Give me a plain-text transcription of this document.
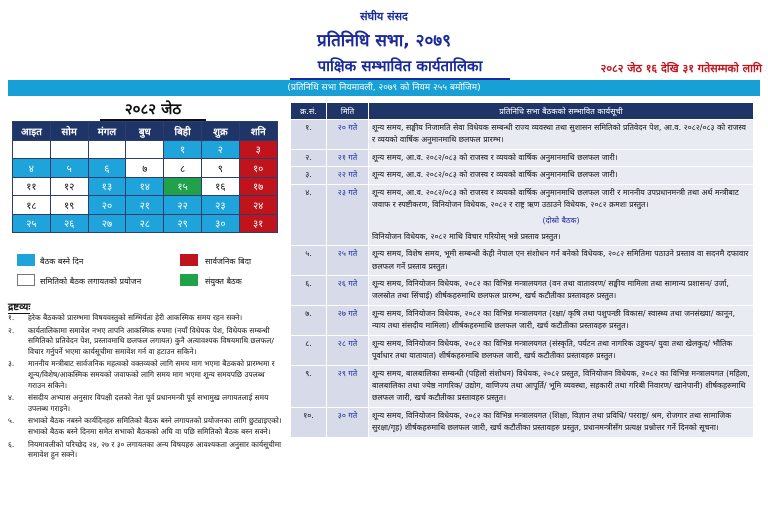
संघीय संसद
प्रतिनिधि सभा, २०७९
पाक्षिक सम्भावित कार्यतालिका	२०८२ जेठ १६ देखि ३१ गतेसम्मको लागि
(प्रतिनिधि सभा नियमावली, २०७९ को नियम २५५ बमोजिम)
२०८२ जेठ
आइत	सोम	मंगल	बुध	बिही	शुक्र	शनि
				१	२	३
४	५	६	७	८	९	१०
११	१२	१३	१४	१५	१६	१७
१८	१९	२०	२१	२२	२३	२४
२५	२६	२७	२८	२९	३०	३१
बैठक बस्ने दिन	सार्वजनिक बिदा
समितिको बैठक लगायतको प्रयोजन	संयुक्त बैठक
द्रष्टव्यः
१. हरेक बैठकको प्रारम्भमा विषयवस्तुको सम्भिर्यता हेरी आकस्मिक समय रहन सक्ने।
२. कार्यतालिकामा समावेश नभए तापनि आकस्मिक रुपमा (नयाँ विधेयक पेश, विधेयक सम्बन्धी समितिको प्रतिवेदन पेश, प्रस्तावमाथि छलफल लगायत) कुनै अत्यावश्यक विषयमाथि छलफल/विचार गर्नुपर्ने भएमा कार्यसूचीमा समावेश गर्न वा हटाउन सकिने।
३. माननीय मन्त्रीबाट सार्वजनिक महत्वको वक्तव्यको लागि समय माग भएमा बैठकको प्रारम्भमा र शून्य/विशेष/आकस्मिक समयको जवाफको लागि समय माग भएमा शून्य समयपछि उपलब्ध गराउन सकिने।
४. संसदीय अभ्यास अनुसार विपक्षी दलको नेता पूर्व प्रधानमन्त्री पूर्व सभामुख लगायतलाई समय उपलब्ध गराइने।
५. सभाको बैठक नबस्ने कार्यदिनहरु समितिको बैठक बस्ने लगायतको प्रयोजनका लागि छुट्याइएको। सभाको बैठक बस्ने दिनमा समेत सभाको बैठकको अघि वा पछि समितिको बैठक बस्न सक्ने।
६. नियमावलीको परिच्छेद २४, २७ र ३० लगायतका अन्य विषयहरु आवश्यकता अनुसार कार्यसूचीमा समावेश हुन सक्ने।
क्र.सं.	मिति	प्रतिनिधि सभा बैठकको सम्भावित कार्यसूची
१.	२० गते	शून्य समय, सङ्घीय निजामति सेवा विधेयक सम्बन्धी राज्य व्यवस्था तथा सुशासन समितिको प्रतिवेदन पेश, आ.व. २०८२/०८३ को राजस्व र व्ययको वार्षिक अनुमानमाथि छलफल प्रारम्भ।

२.	२१ गते	शून्य समय, आ.व. २०८२/०८३ को राजस्व र व्ययको वार्षिक अनुमानमाथि छलफल जारी।

३.	२२ गते	शून्य समय, आ.व. २०८२/०८३ को राजस्व र व्ययको वार्षिक अनुमानमाथि छलफल जारी।

४.	२३ गते	शून्य समय, आ.व. २०८२/०८३ को राजस्व र व्ययको वार्षिक अनुमानमाथि छलफल जारी र माननीय उपप्रधानमन्त्री तथा अर्थ मन्त्रीबाट जवाफ र स्पष्टीकरण, विनियोजन विधेयक, २०८२ र राष्ट्र ऋण उठाउने विधेयक, २०८२ क्रमशः प्रस्तुत।
(दोस्रो बैठक)
विनियोजन विधेयक, २०८२ माथि विचार गरियोस् भन्ने प्रस्ताव प्रस्तुत।

५.	२५ गते	शून्य समय, विशेष समय, भूमी सम्बन्धी केही नेपाल एन संशोधन गर्न बनेको विधेयक, २०८२ समितिमा पठाउने प्रस्ताव वा सदनमै दफावार छलफल गर्ने प्रस्ताव प्रस्तुत।

६.	२६ गते	शून्य समय, विनियोजन विधेयक, २०८२ का विभिन्न मन्त्रालयगत (वन तथा वातावरण/ सङ्घीय मामिला तथा सामान्य प्रशासन/ उर्जा, जलस्रोत तथा सिंचाई) शीर्षकहरुमाथि छलफल प्रारम्भ, खर्च कटौतीका प्रस्तावहरु प्रस्तुत।

७.	२७ गते	शून्य समय, विनियोजन विधेयक, २०८२ का विभिन्न मन्त्रालयगत (रक्षा/ कृषि तथा पशुपन्छी विकास/ स्वास्थ्य तथा जनसंख्या/ कानून, न्याय तथा संसदीय मामिला) शीर्षकहरुमाथि छलफल जारी, खर्च कटौतीका प्रस्तावहरु प्रस्तुत।

८.	२८ गते	शून्य समय, विनियोजन विधेयक, २०८२ का विभिन्न मन्त्रालयगत (संस्कृति, पर्यटन तथा नागरिक उड्डयन/ युवा तथा खेलकुद/ भौतिक पूर्वाधार तथा यातायात) शीर्षकहरुमाथि छलफल जारी, खर्च कटौतीका प्रस्तावहरु प्रस्तुत।

९.	२९ गते	शून्य समय, बालबालिका सम्बन्धी (पहिलो संशोधन) विधेयक, २०८२ प्रस्तुत, विनियोजन विधेयक, २०८२ का विभिन्न मन्त्रालयगत (महिला, बालबालिका तथा ज्येष्ठ नागरिक/ उद्योग, वाणिज्य तथा आपूर्ति/ भूमि व्यवस्था, सहकारी तथा गरिबी निवारण/ खानेपानी) शीर्षकहरुमाथि छलफल जारी, खर्च कटौतीका प्रस्तावहरु प्रस्तुत।

१०.	३० गते	शून्य समय, विनियोजन विधेयक, २०८२ का विभिन्न मन्त्रालयगत (शिक्षा, विज्ञान तथा प्रविधि/ परराष्ट्र/ श्रम, रोजगार तथा सामाजिक सुरक्षा/गृह) शीर्षकहरुमाथि छलफल जारी, खर्च कटौतीका प्रस्तावहरु प्रस्तुत, प्रधानमन्त्रीसँग प्रत्यक्ष प्रश्नोत्तर गर्ने दिनको सूचना।
